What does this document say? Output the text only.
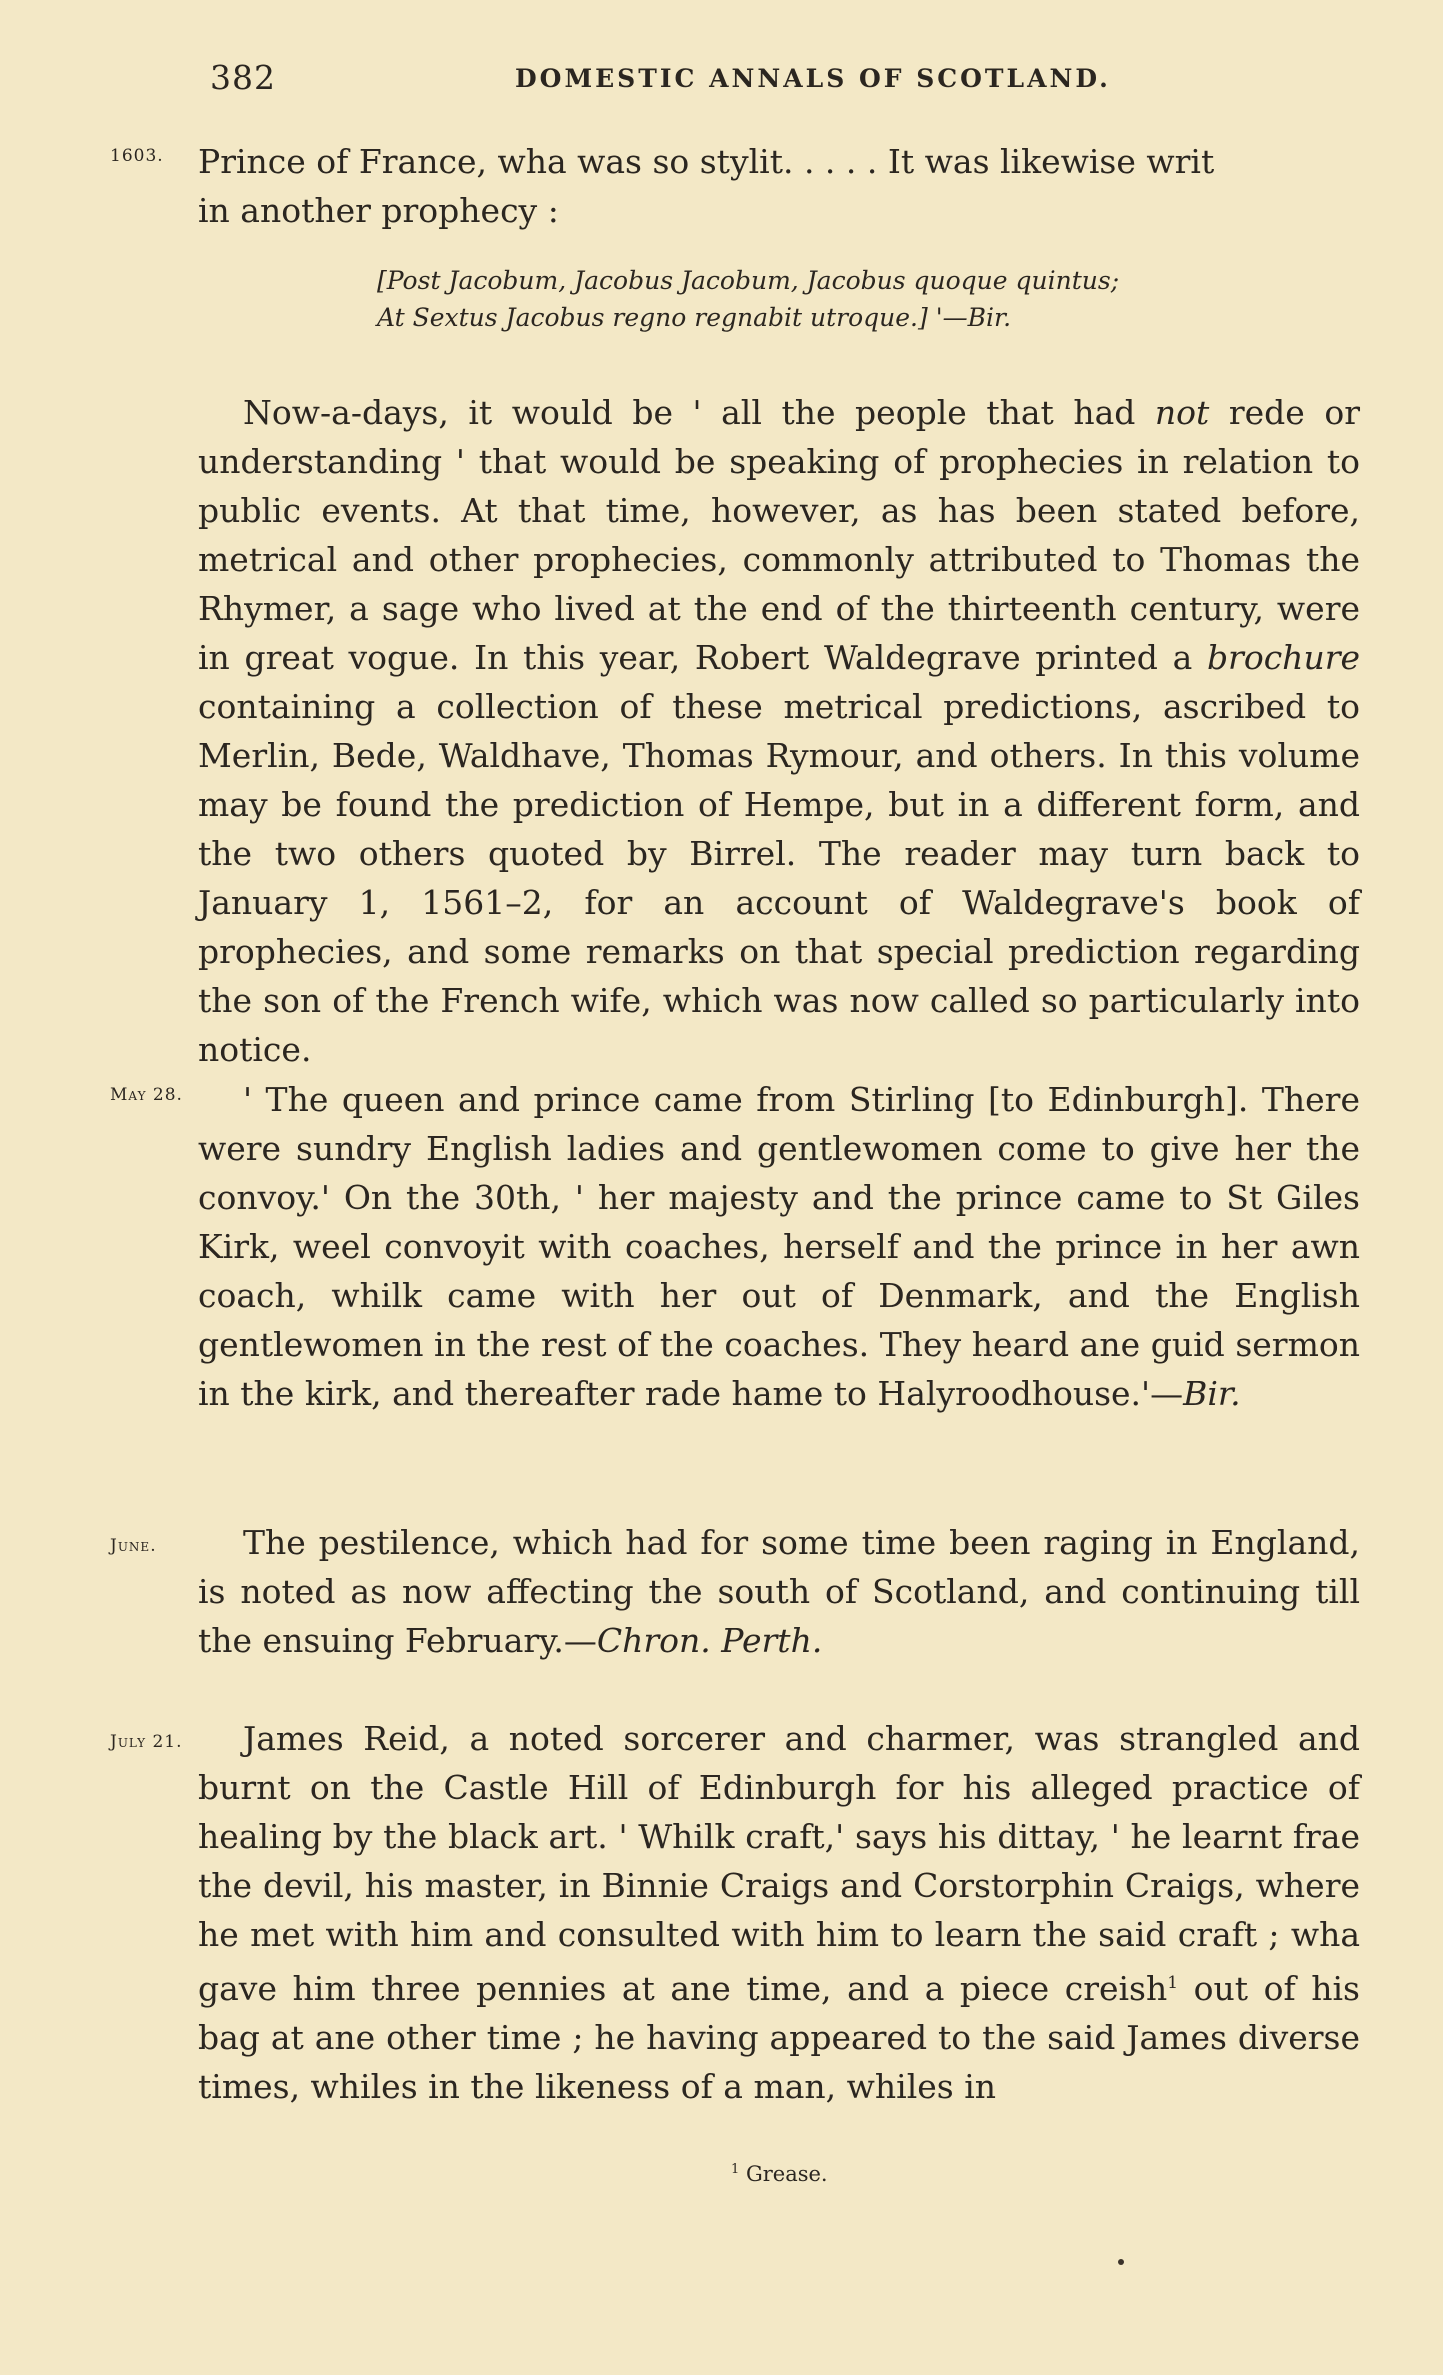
382	DOMESTIC ANNALS OF SCOTLAND.
1603.
May 28.
June.
July 21.
Prince of France, wha was so stylit. . . . . It was likewise writ
in another prophecy :
[Post Jacobum, Jacobus Jacobum, Jacobus quoque quintus;
At Sextus Jacobus regno regnabit utroque.] '—Bir.

Now-a-days, it would be ' all the people that had not rede or understanding ' that would be speaking of prophecies in relation to public events. At that time, however, as has been stated before, metrical and other prophecies, commonly attributed to Thomas the Rhymer, a sage who lived at the end of the thirteenth century, were in great vogue. In this year, Robert Waldegrave printed a brochure containing a collection of these metrical predictions, ascribed to Merlin, Bede, Waldhave, Thomas Rymour, and others. In this volume may be found the prediction of Hempe, but in a different form, and the two others quoted by Birrel. The reader may turn back to January 1, 1561–2, for an account of Waldegrave's book of prophecies, and some remarks on that special prediction regarding the son of the French wife, which was now called so particularly into notice.

' The queen and prince came from Stirling [to Edinburgh]. There were sundry English ladies and gentlewomen come to give her the convoy.' On the 30th, ' her majesty and the prince came to St Giles Kirk, weel convoyit with coaches, herself and the prince in her awn coach, whilk came with her out of Denmark, and the English gentlewomen in the rest of the coaches. They heard ane guid sermon in the kirk, and thereafter rade hame to Halyroodhouse.'—Bir.

The pestilence, which had for some time been raging in England, is noted as now affecting the south of Scotland, and continuing till the ensuing February.—Chron. Perth.

James Reid, a noted sorcerer and charmer, was strangled and burnt on the Castle Hill of Edinburgh for his alleged practice of healing by the black art. ' Whilk craft,' says his dittay, ' he learnt frae the devil, his master, in Binnie Craigs and Corstorphin Craigs, where he met with him and consulted with him to learn the said craft ; wha gave him three pennies at ane time, and a piece creish$^1$ out of his bag at ane other time ; he having appeared to the said James diverse times, whiles in the likeness of a man, whiles in

$^1$ Grease.
